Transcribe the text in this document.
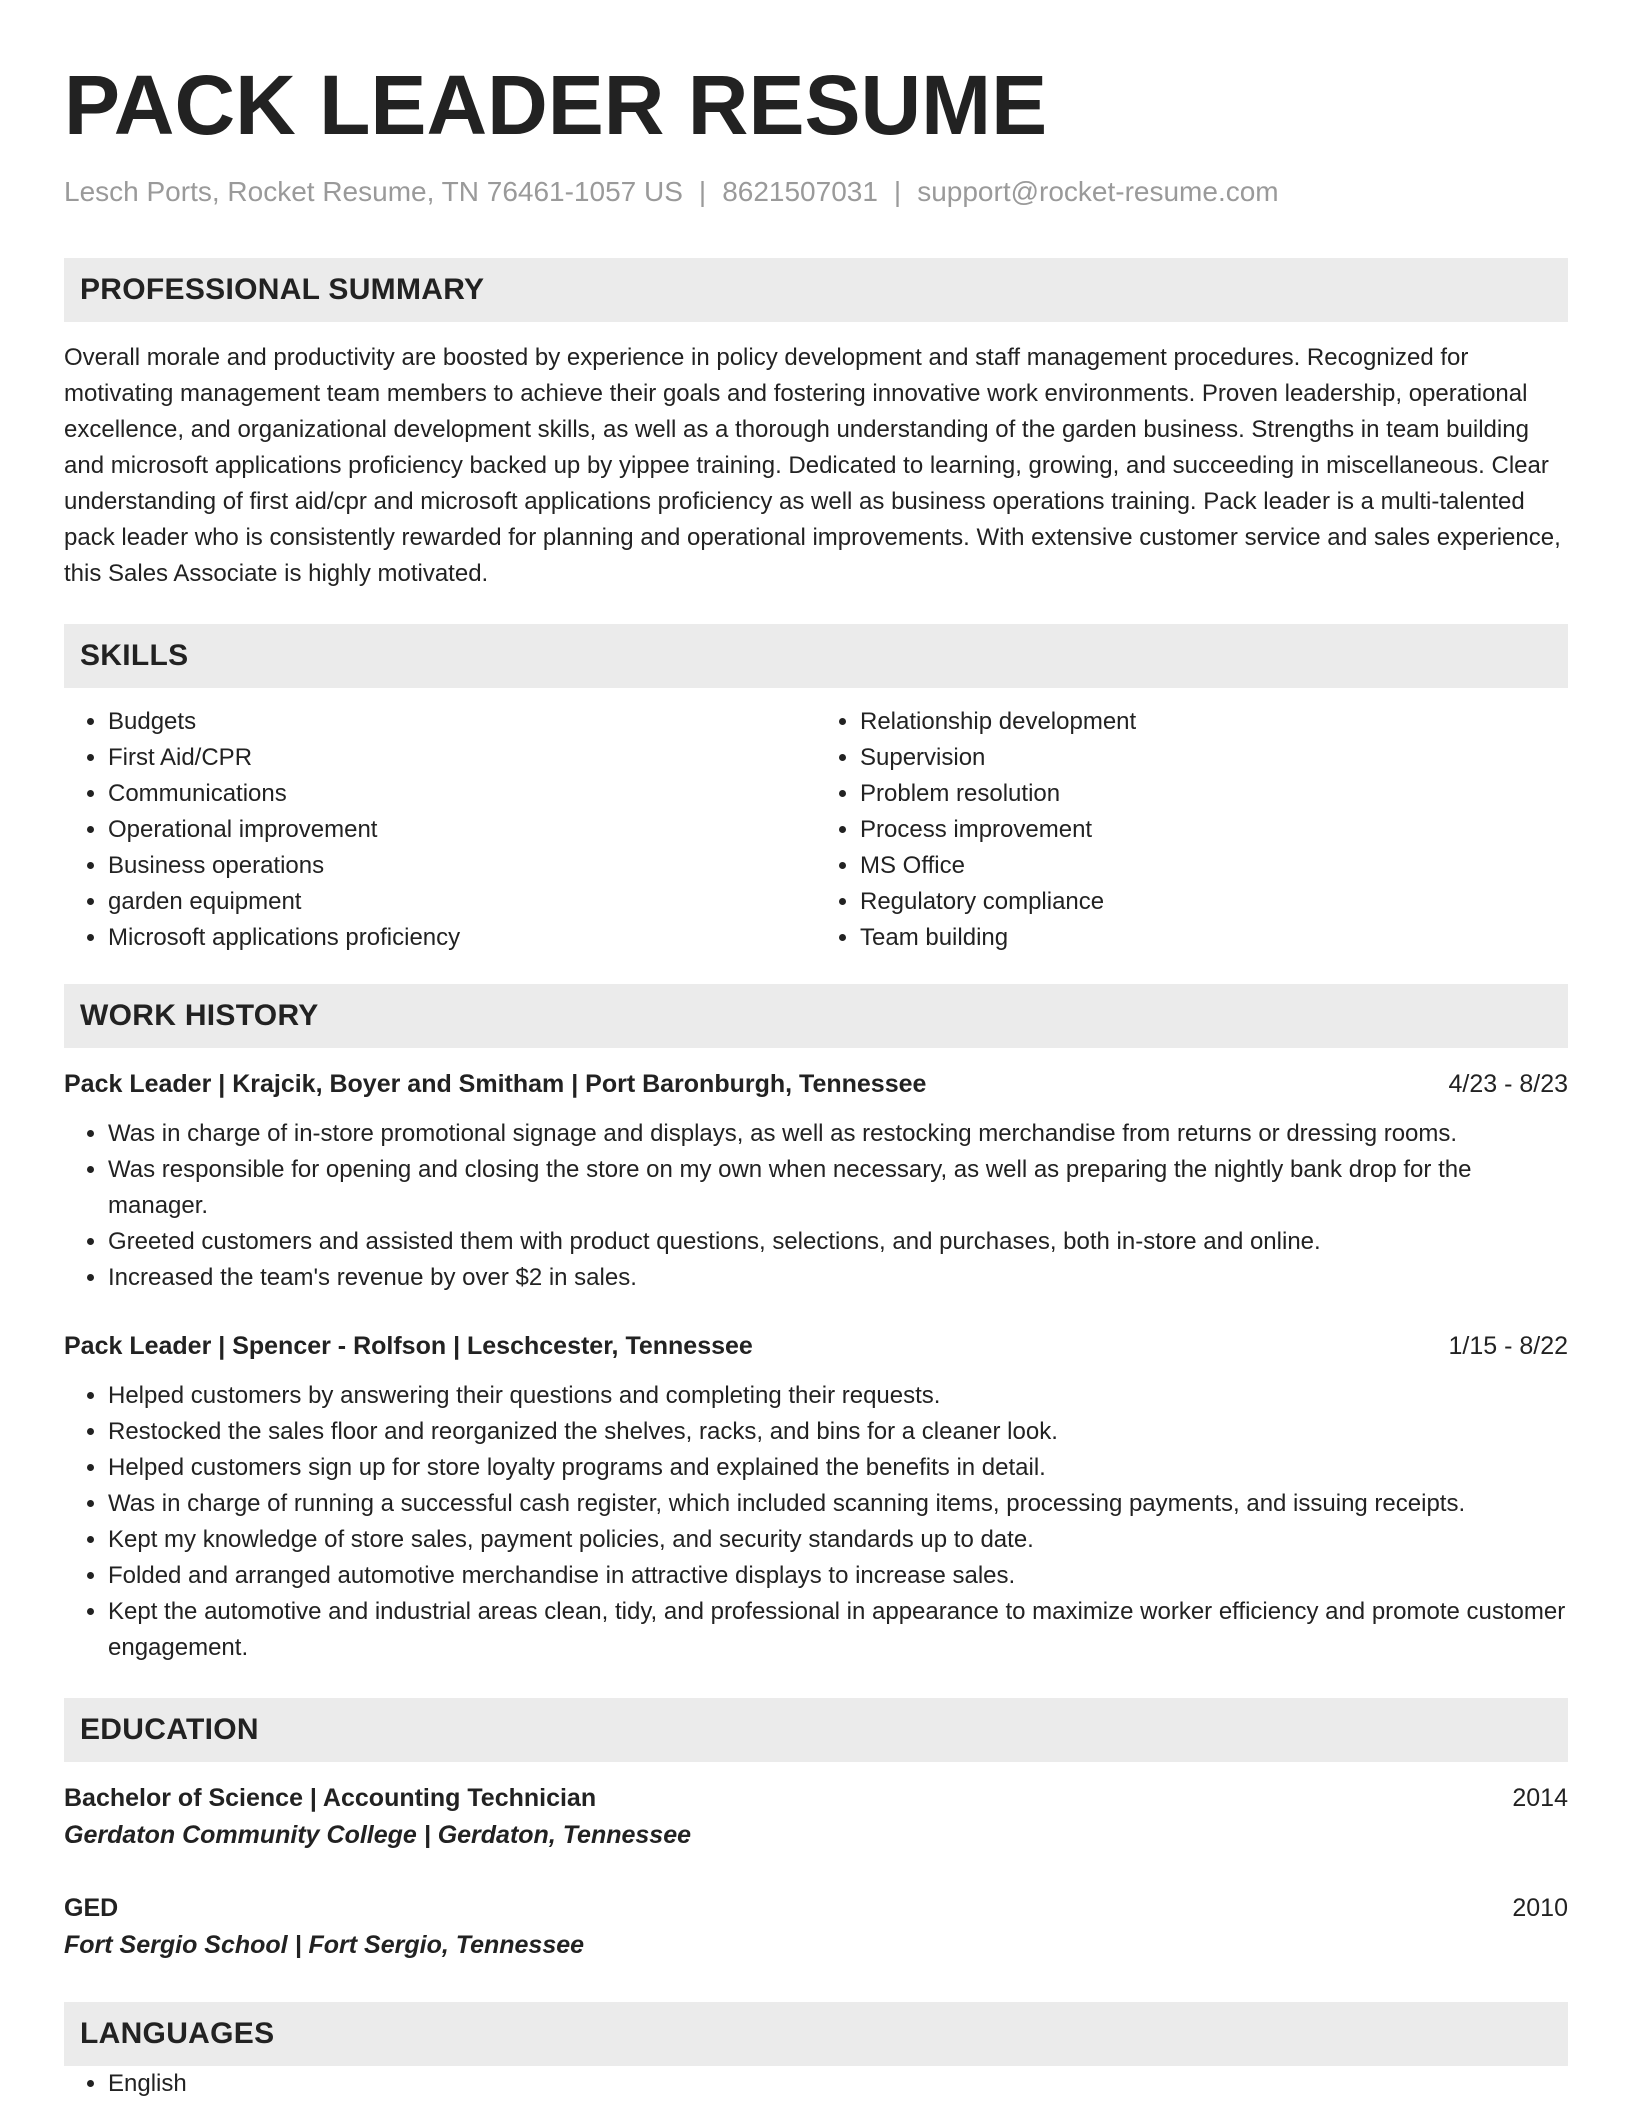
PACK LEADER RESUME
Lesch Ports, Rocket Resume, TN 76461-1057 US | 8621507031 | support@rocket-resume.com
PROFESSIONAL SUMMARY

Overall morale and productivity are boosted by experience in policy development and staff management procedures. Recognized for motivating management team members to achieve their goals and fostering innovative work environments. Proven leadership, operational excellence, and organizational development skills, as well as a thorough understanding of the garden business. Strengths in team building and microsoft applications proficiency backed up by yippee training. Dedicated to learning, growing, and succeeding in miscellaneous. Clear understanding of first aid/cpr and microsoft applications proficiency as well as business operations training. Pack leader is a multi-talented pack leader who is consistently rewarded for planning and operational improvements. With extensive customer service and sales experience, this Sales Associate is highly motivated.

SKILLS
• Budgets
• First Aid/CPR
• Communications
• Operational improvement
• Business operations
• garden equipment
• Microsoft applications proficiency
• Relationship development
• Supervision
• Problem resolution
• Process improvement
• MS Office
• Regulatory compliance
• Team building
WORK HISTORY
Pack Leader | Krajcik, Boyer and Smitham | Port Baronburgh, Tennessee	4/23 - 8/23
• Was in charge of in-store promotional signage and displays, as well as restocking merchandise from returns or dressing rooms.
• Was responsible for opening and closing the store on my own when necessary, as well as preparing the nightly bank drop for the manager.
• Greeted customers and assisted them with product questions, selections, and purchases, both in-store and online.
• Increased the team's revenue by over $2 in sales.
Pack Leader | Spencer - Rolfson | Leschcester, Tennessee	1/15 - 8/22
• Helped customers by answering their questions and completing their requests.
• Restocked the sales floor and reorganized the shelves, racks, and bins for a cleaner look.
• Helped customers sign up for store loyalty programs and explained the benefits in detail.
• Was in charge of running a successful cash register, which included scanning items, processing payments, and issuing receipts.
• Kept my knowledge of store sales, payment policies, and security standards up to date.
• Folded and arranged automotive merchandise in attractive displays to increase sales.
• Kept the automotive and industrial areas clean, tidy, and professional in appearance to maximize worker efficiency and promote customer engagement.
EDUCATION
Bachelor of Science | Accounting Technician	2014
Gerdaton Community College | Gerdaton, Tennessee
GED	2010
Fort Sergio School | Fort Sergio, Tennessee
LANGUAGES
• English
